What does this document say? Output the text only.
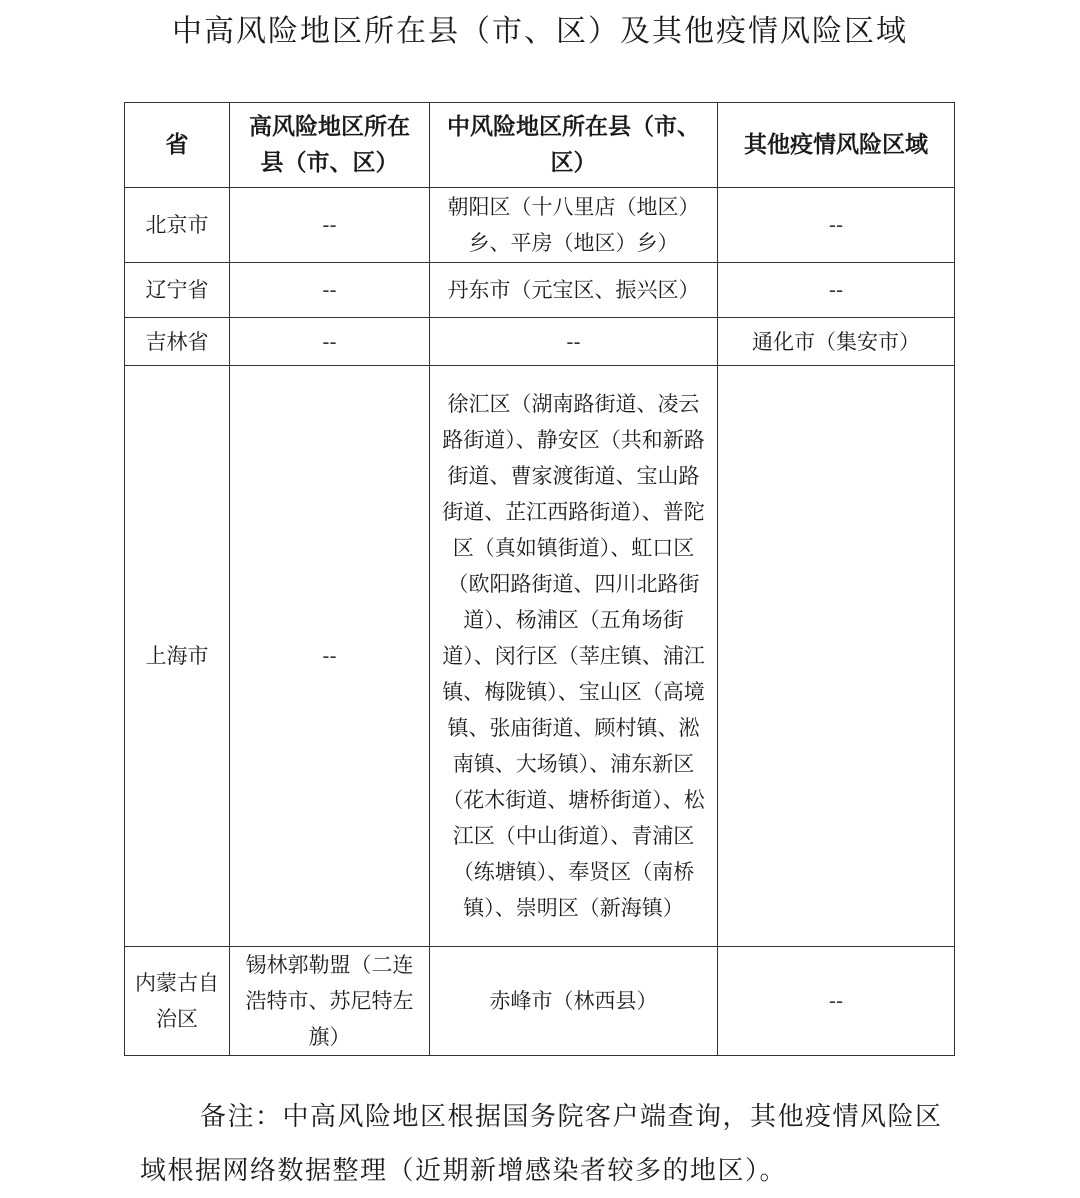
中高风险地区所在县（市、区）及其他疫情风险区域
省	高风险地区所在县（市、区）	中风险地区所在县（市、区）	其他疫情风险区域
北京市	--	朝阳区（十八里店（地区）乡、平房（地区）乡）	--
辽宁省	--	丹东市（元宝区、振兴区）	--
吉林省	--	--	通化市（集安市）
上海市	--	徐汇区（湖南路街道、凌云路街道）、静安区（共和新路街道、曹家渡街道、宝山路街道、芷江西路街道）、普陀区（真如镇街道）、虹口区（欧阳路街道、四川北路街道）、杨浦区（五角场街道）、闵行区（莘庄镇、浦江镇、梅陇镇）、宝山区（高境镇、张庙街道、顾村镇、淞南镇、大场镇）、浦东新区（花木街道、塘桥街道）、松江区（中山街道）、青浦区（练塘镇）、奉贤区（南桥镇）、崇明区（新海镇）	
内蒙古自治区	锡林郭勒盟（二连浩特市、苏尼特左旗）	赤峰市（林西县）	--

备注：中高风险地区根据国务院客户端查询，其他疫情风险区域根据网络数据整理（近期新增感染者较多的地区）。
